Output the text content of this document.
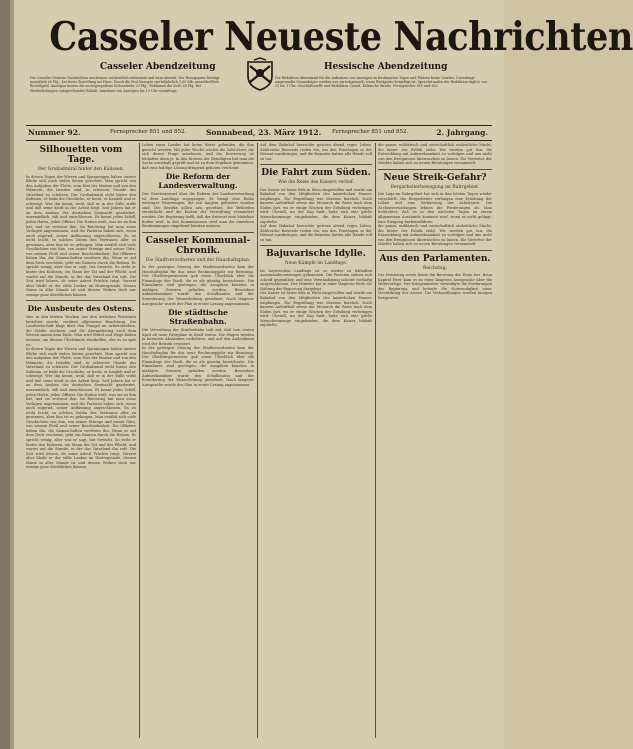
Casseler Neueste Nachrichten
Casseler Abendzeitung	Hessische Abendzeitung
Die Casseler Neueste Nachrichten erscheinen wöchentlich siebenmal und zwar abends. Der Bezugspreis beträgt monatlich 60 Pfg., bei freier Zustellung ins Haus. Durch die Post bezogen vierteljährlich 1,80 Mk. ausschließlich Bestellgeld. Anzeigen kosten die sechsgespaltene Kolonelzeile 20 Pfg., Reklamen die Zeile 60 Pfg. Bei Wiederholungen entsprechender Rabatt. Annahme von Anzeigen bis 10 Uhr vormittags.
Die Redaktion übernimmt für die Aufnahme von Anzeigen an bestimmten Tagen und Plätzen keine Gewähr. Unverlangt eingesandte Manuskripte werden nur zurückgesandt, wenn Rückporto beigefügt ist. Sprechstunden der Redaktion täglich von 12 bis 1 Uhr. Geschäftsstelle und Redaktion Cassel, Kölnische Straße. Fernsprecher 851 und 852.
Nummer 92.	Fernsprecher 851 und 852.	Sonnabend, 23. März 1912. Fernsprecher 851 und 852.	2. Jahrgang.
Silhouetten vom Tage.
Der Großadmiral hinter den Kulissen.
In diesen Tagen der Wirren und Spannungen haben unsere Blicke sich nach vielen Seiten gerichtet. Man spricht von den Aufgaben der Flotte, vom Etat der Marine und von den Männern, die berufen sind, in schwerer Stunde das Vaterland zu schützen. Der Großadmiral steht hinter den Kulissen, er lenkt die Geschicke, er berät, er handelt und er schweigt. Wer ihn kennt, weiß, daß er in der Stille wirkt und daß seine Kraft in der Arbeit liegt. Seit Jahren hat er an dem Ausbau der deutschen Seemacht gearbeitet, unermüdlich, zäh und entschlossen. Er kennt jedes Schiff, jeden Hafen, jeden Offizier. Die Nation weiß, was sie an ihm hat, und sie vertraut ihm. Im Reichstag hat man seine Vorlagen angenommen, und die Parteien haben sich, wenn auch zögernd, seiner Auffassung angeschlossen. Es ist nicht leicht, in solchen Zeiten das Vertrauen aller zu gewinnen, aber ihm ist es gelungen. Man erzählt sich viele Geschichten von ihm, von seiner Strenge und seiner Güte, von seinem Fleiß und seiner Bescheidenheit. Die Offiziere lieben ihn, die Mannschaften verehren ihn. Wenn er auf dem Deck erscheint, geht ein Raunen durch die Reihen. Er spricht wenig, aber was er sagt, hat Gewicht. So steht er hinter den Kulissen, ein Mann der Tat und der Pflicht, und wartet auf die Stunde, in der das Vaterland ihn ruft. Die Zeit wird lehren, ob seine Arbeit Früchte trägt. Vorerst aber bleibt er der stille Lenker im Hintergrunde, dessen Name in aller Munde ist und dessen Wirken doch nur wenige ganz überblicken können.
Die Ausbeute des Ostens.
Was in den letzten Wochen aus den östlichen Provinzen berichtet wurde, verdient allgemeine Beachtung. Die Landwirtschaft klagt über den Mangel an Arbeitskräften, die Städte wachsen, und die Abwanderung nach dem Westen nimmt kein Ende. Man wird Mittel und Wege finden müssen, um diesem Übelstande abzuhelfen, ehe es zu spät ist.
In diesen Tagen der Wirren und Spannungen haben unsere Blicke sich nach vielen Seiten gerichtet. Man spricht von den Aufgaben der Flotte, vom Etat der Marine und von den Männern, die berufen sind, in schwerer Stunde das Vaterland zu schützen. Der Großadmiral steht hinter den Kulissen, er lenkt die Geschicke, er berät, er handelt und er schweigt. Wer ihn kennt, weiß, daß er in der Stille wirkt und daß seine Kraft in der Arbeit liegt. Seit Jahren hat er an dem Ausbau der deutschen Seemacht gearbeitet, unermüdlich, zäh und entschlossen. Er kennt jedes Schiff, jeden Hafen, jeden Offizier. Die Nation weiß, was sie an ihm hat, und sie vertraut ihm. Im Reichstag hat man seine Vorlagen angenommen, und die Parteien haben sich, wenn auch zögernd, seiner Auffassung angeschlossen. Es ist nicht leicht, in solchen Zeiten das Vertrauen aller zu gewinnen, aber ihm ist es gelungen. Man erzählt sich viele Geschichten von ihm, von seiner Strenge und seiner Güte, von seinem Fleiß und seiner Bescheidenheit. Die Offiziere lieben ihn, die Mannschaften verehren ihn. Wenn er auf dem Deck erscheint, geht ein Raunen durch die Reihen. Er spricht wenig, aber was er sagt, hat Gewicht. So steht er hinter den Kulissen, ein Mann der Tat und der Pflicht, und wartet auf die Stunde, in der das Vaterland ihn ruft. Die Zeit wird lehren, ob seine Arbeit Früchte trägt. Vorerst aber bleibt er der stille Lenker im Hintergrunde, dessen Name in aller Munde ist und dessen Wirken doch nur wenige ganz überblicken können.
Leben eines Landes hat keine Worte gefunden, die ihm gerecht werden. Mit jeder Woche wächst die Zahl derer, die sich dieser Frage annehmen, und die Erörterung ist lebhafter denn je. In den Kreisen der Beteiligten hat man die Sache ernsthaft geprüft und ist zu dem Ergebnis gekommen, daß eine baldige Lösung dringend geboten erscheint.
Die Reform der Landesverwaltung.
Der Gesetzentwurf über die Reform der Landesverwaltung ist dem Landtage zugegangen. Er bringt eine Reihe wichtiger Neuerungen, die seit langem gefordert worden sind. Die Bezirke sollen neu geordnet, die Behörden vereinfacht und die Kosten der Verwaltung vermindert werden. Die Regierung hofft, daß der Entwurf eine Mehrheit finden wird. In den Kommissionen wird man die einzelnen Bestimmungen eingehend beraten müssen.
Casseler Kommunal-Chronik.
Die Stadtverordneten und der Haushaltsplan.
In der gestrigen Sitzung der Stadtverordneten kam der Haushaltsplan für das neue Rechnungsjahr zur Beratung. Der Oberbürgermeister gab einen Überblick über die Finanzlage der Stadt, die er als günstig bezeichnete. Die Einnahmen sind gestiegen, die Ausgaben konnten in mäßigen Grenzen gehalten werden. Besondere Aufmerksamkeit wurde den Schulbauten und der Erweiterung der Wasserleitung gewidmet. Nach längerer Aussprache wurde der Plan in erster Lesung angenommen.
Die städtische Straßenbahn.
Die Verwaltung der Straßenbahn teilt mit, daß vom ersten April ab neue Fahrpläne in Kraft treten. Die Wagen werden in kürzeren Abständen verkehren, und auf den Außenlinien wird der Betrieb erweitert.
In der gestrigen Sitzung der Stadtverordneten kam der Haushaltsplan für das neue Rechnungsjahr zur Beratung. Der Oberbürgermeister gab einen Überblick über die Finanzlage der Stadt, die er als günstig bezeichnete. Die Einnahmen sind gestiegen, die Ausgaben konnten in mäßigen Grenzen gehalten werden. Besondere Aufmerksamkeit wurde den Schulbauten und der Erweiterung der Wasserleitung gewidmet. Nach längerer Aussprache wurde der Plan in erster Lesung angenommen.
Auf dem Bahnhof herrschte gestern abend reges Leben. Zahlreiche Reisende trafen ein, um den Feiertagen in der Heimat zuzubringen, und die Beamten hatten alle Hände voll zu tun.
Die Fahrt zum Süden.
Wie die Reise des Kaisers verlief.
Der Kaiser ist heute früh in Wien eingetroffen und wurde am Bahnhof von den Mitgliedern des kaiserlichen Hauses empfangen. Die Begrüßung war überaus herzlich. Nach kurzem Aufenthalt setzte der Monarch die Reise nach dem Süden fort, wo er einige Wochen der Erholung verbringen wird. Überall, wo der Zug hielt, hatte sich eine große Menschenmenge eingefunden, die dem Kaiser lebhaft zujubelte.
Auf dem Bahnhof herrschte gestern abend reges Leben. Zahlreiche Reisende trafen ein, um den Feiertagen in der Heimat zuzubringen, und die Beamten hatten alle Hände voll zu tun.
Bajuvarische Idylle.
Neue Kämpfe im Landtage.
Im bayerischen Landtage ist es wieder zu lebhaften Auseinandersetzungen gekommen. Die Parteien stehen sich schroff gegenüber, und eine Verständigung scheint vorläufig ausgeschlossen. Der Minister hat in einer längeren Rede die Haltung der Regierung dargelegt.
Der Kaiser ist heute früh in Wien eingetroffen und wurde am Bahnhof von den Mitgliedern des kaiserlichen Hauses empfangen. Die Begrüßung war überaus herzlich. Nach kurzem Aufenthalt setzte der Monarch die Reise nach dem Süden fort, wo er einige Wochen der Erholung verbringen wird. Überall, wo der Zug hielt, hatte sich eine große Menschenmenge eingefunden, die dem Kaiser lebhaft zujubelte.
die ganze, militärisch und wirtschaftlich einheitliche Macht, die hinter der Politik steht. Wir werden gut tun, die Entwicklung mit Aufmerksamkeit zu verfolgen und uns nicht von den Ereignissen überraschen zu lassen. Die Vertreter der Mächte haben sich zu neuen Beratungen versammelt.
Neue Streik-Gefahr?
Bergarbeiterbewegung im Ruhrgebiet.
Die Lage im Ruhrgebiet hat sich in den letzten Tagen wieder verschärft. Die Bergarbeiter verlangen eine Erhöhung der Löhne und eine Verkürzung der Arbeitszeit. Die Zechenverwaltungen lehnen die Forderungen ab. Man befürchtet, daß es in den nächsten Tagen zu einem allgemeinen Ausstande kommen wird, wenn es nicht gelingt, eine Einigung herbeizuführen.
die ganze, militärisch und wirtschaftlich einheitliche Macht, die hinter der Politik steht. Wir werden gut tun, die Entwicklung mit Aufmerksamkeit zu verfolgen und uns nicht von den Ereignissen überraschen zu lassen. Die Vertreter der Mächte haben sich zu neuen Beratungen versammelt.
Aus den Parlamenten.
Reichstag.
Der Reichstag setzte heute die Beratung des Etats fort. Beim Kapitel Heer kam es zu einer längeren Aussprache über die Wehrvorlage. Der Kriegsminister verteidigte die Forderungen der Regierung und betonte die Notwendigkeit einer Verstärkung der Armee. Die Verhandlungen werden morgen fortgesetzt.
